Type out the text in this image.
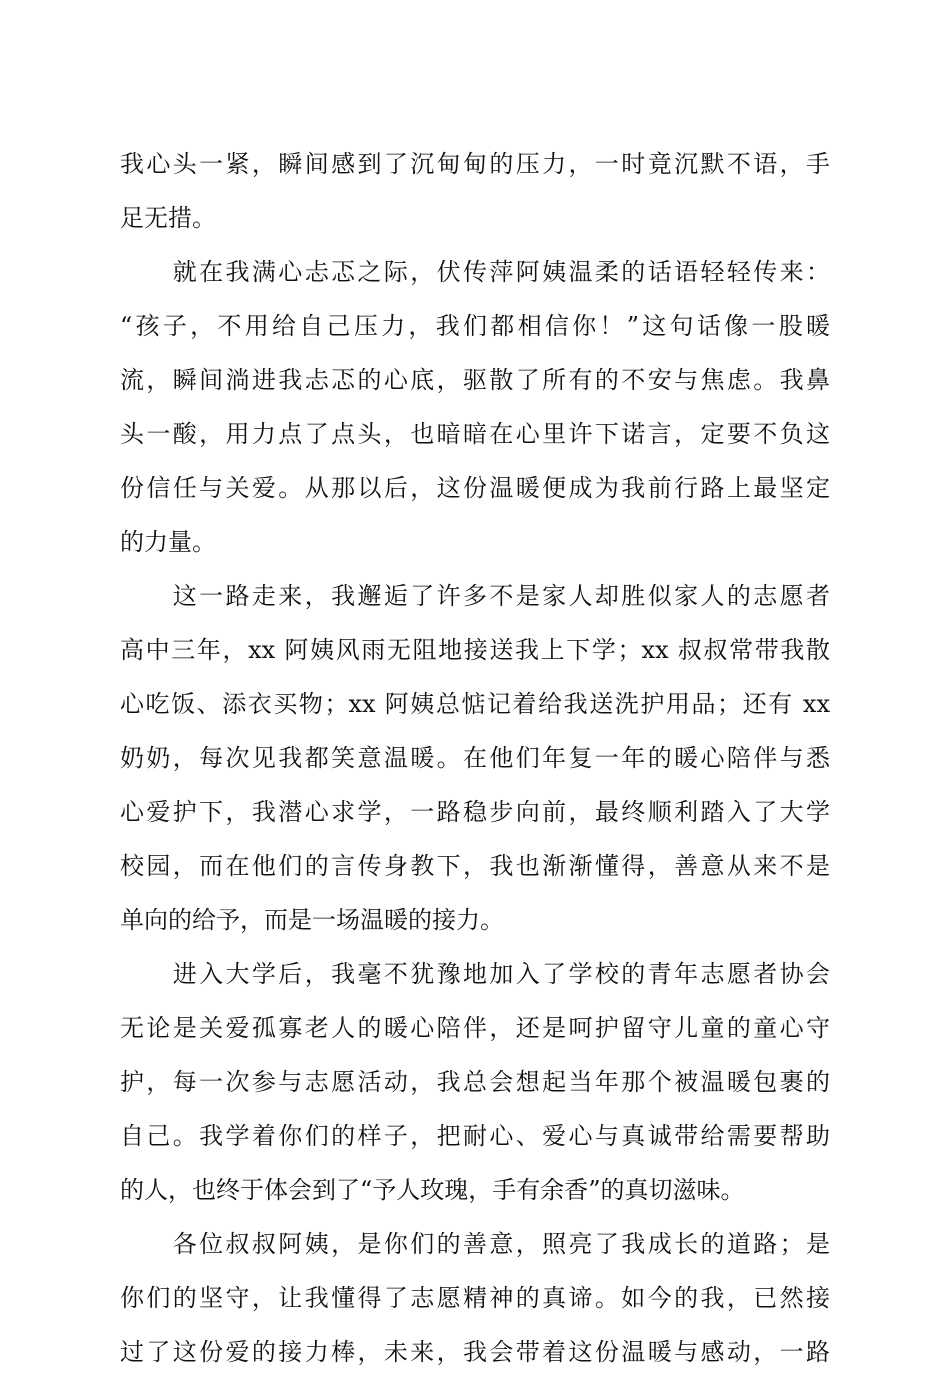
我心头一紧，瞬间感到了沉甸甸的压力，一时竟沉默不语，手
足无措。
　　就在我满心忐忑之际，伏传萍阿姨温柔的话语轻轻传来：
“孩子，不用给自己压力，我们都相信你！”这句话像一股暖
流，瞬间淌进我忐忑的心底，驱散了所有的不安与焦虑。我鼻
头一酸，用力点了点头，也暗暗在心里许下诺言，定要不负这
份信任与关爱。从那以后，这份温暖便成为我前行路上最坚定
的力量。
　　这一路走来，我邂逅了许多不是家人却胜似家人的志愿者
高中三年，xx 阿姨风雨无阻地接送我上下学；xx 叔叔常带我散
心吃饭、添衣买物；xx 阿姨总惦记着给我送洗护用品；还有 xx
奶奶，每次见我都笑意温暖。在他们年复一年的暖心陪伴与悉
心爱护下，我潜心求学，一路稳步向前，最终顺利踏入了大学
校园，而在他们的言传身教下，我也渐渐懂得，善意从来不是
单向的给予，而是一场温暖的接力。
　　进入大学后，我毫不犹豫地加入了学校的青年志愿者协会
无论是关爱孤寡老人的暖心陪伴，还是呵护留守儿童的童心守
护，每一次参与志愿活动，我总会想起当年那个被温暖包裹的
自己。我学着你们的样子，把耐心、爱心与真诚带给需要帮助
的人，也终于体会到了“予人玫瑰，手有余香”的真切滋味。
　　各位叔叔阿姨，是你们的善意，照亮了我成长的道路；是
你们的坚守，让我懂得了志愿精神的真谛。如今的我，已然接
过了这份爱的接力棒，未来，我会带着这份温暖与感动，一路
